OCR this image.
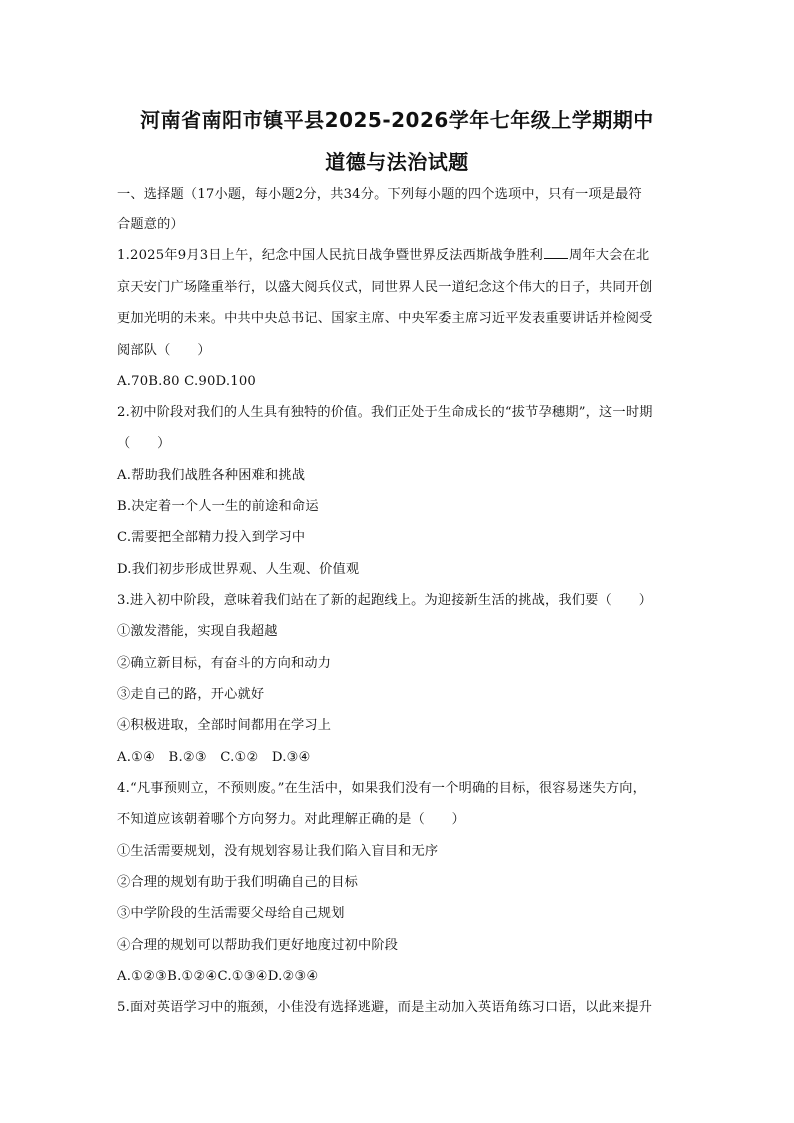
河南省南阳市镇平县2025-2026学年七年级上学期期中
道德与法治试题
一、选择题（17小题，每小题2分，共34分。下列每小题的四个选项中，只有一项是最符
合题意的）
1.2025年9月3日上午，纪念中国人民抗日战争暨世界反法西斯战争胜利 周年大会在北
京天安门广场隆重举行，以盛大阅兵仪式，同世界人民一道纪念这个伟大的日子，共同开创
更加光明的未来。中共中央总书记、国家主席、中央军委主席习近平发表重要讲话并检阅受
阅部队（　　）
A.70B.80 C.90D.100
2.初中阶段对我们的人生具有独特的价值。我们正处于生命成长的“拔节孕穗期”，这一时期
（　　）
A.帮助我们战胜各种困难和挑战
B.决定着一个人一生的前途和命运
C.需要把全部精力投入到学习中
D.我们初步形成世界观、人生观、价值观
3.进入初中阶段，意味着我们站在了新的起跑线上。为迎接新生活的挑战，我们要（　　）
①激发潜能，实现自我超越
②确立新目标，有奋斗的方向和动力
③走自己的路，开心就好
④积极进取，全部时间都用在学习上
A.①④　B.②③　C.①②　D.③④
4.“凡事预则立，不预则废。”在生活中，如果我们没有一个明确的目标，很容易迷失方向，
不知道应该朝着哪个方向努力。对此理解正确的是（　　）
①生活需要规划，没有规划容易让我们陷入盲目和无序
②合理的规划有助于我们明确自己的目标
③中学阶段的生活需要父母给自己规划
④合理的规划可以帮助我们更好地度过初中阶段
A.①②③B.①②④C.①③④D.②③④
5.面对英语学习中的瓶颈，小佳没有选择逃避，而是主动加入英语角练习口语，以此来提升
